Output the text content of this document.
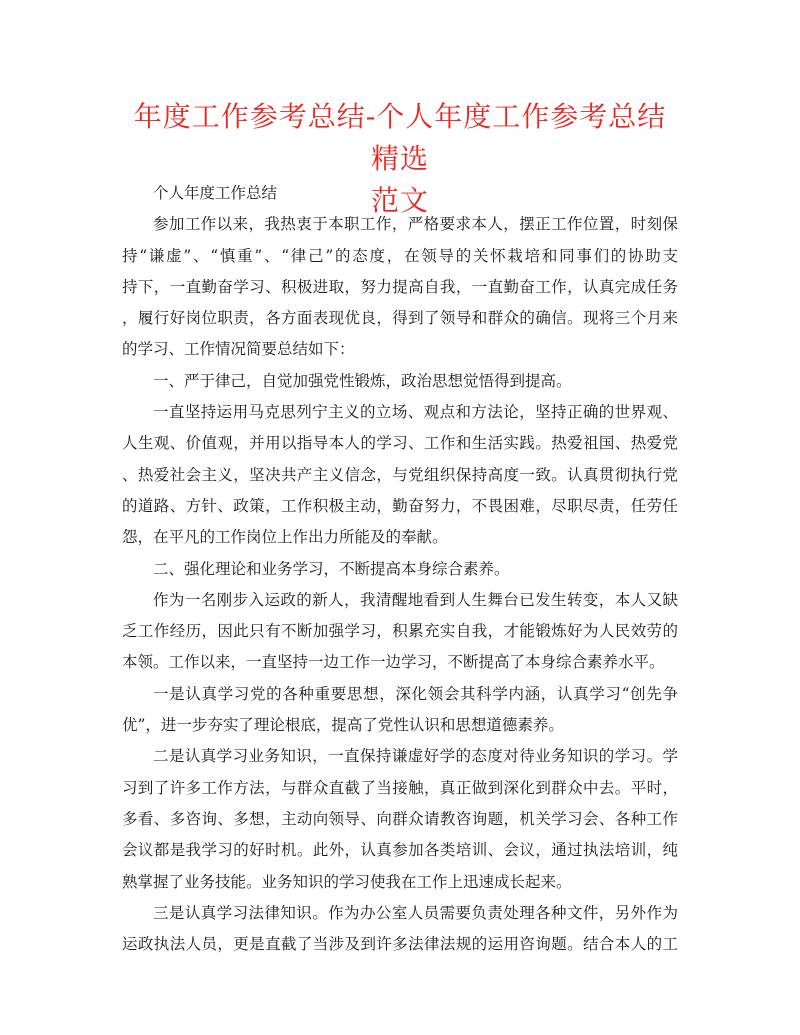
年度工作参考总结-个人年度工作参考总结精选
范文
个人年度工作总结
参加工作以来，我热衷于本职工作，严格要求本人，摆正工作位置，时刻保
持“谦虚”、“慎重”、“律己”的态度，在领导的关怀栽培和同事们的协助支
持下，一直勤奋学习、积极进取，努力提高自我，一直勤奋工作，认真完成任务
，履行好岗位职责，各方面表现优良，得到了领导和群众的确信。现将三个月来
的学习、工作情况简要总结如下：
一、严于律己，自觉加强党性锻炼，政治思想觉悟得到提高。
一直坚持运用马克思列宁主义的立场、观点和方法论，坚持正确的世界观、
人生观、价值观，并用以指导本人的学习、工作和生活实践。热爱祖国、热爱党
、热爱社会主义，坚决共产主义信念，与党组织保持高度一致。认真贯彻执行党
的道路、方针、政策，工作积极主动，勤奋努力，不畏困难，尽职尽责，任劳任
怨，在平凡的工作岗位上作出力所能及的奉献。
二、强化理论和业务学习，不断提高本身综合素养。
作为一名刚步入运政的新人，我清醒地看到人生舞台已发生转变，本人又缺
乏工作经历，因此只有不断加强学习，积累充实自我，才能锻炼好为人民效劳的
本领。工作以来，一直坚持一边工作一边学习，不断提高了本身综合素养水平。
一是认真学习党的各种重要思想，深化领会其科学内涵，认真学习“创先争
优”，进一步夯实了理论根底，提高了党性认识和思想道德素养。
二是认真学习业务知识，一直保持谦虚好学的态度对待业务知识的学习。学
习到了许多工作方法，与群众直截了当接触，真正做到深化到群众中去。平时，
多看、多咨询、多想，主动向领导、向群众请教咨询题，机关学习会、各种工作
会议都是我学习的好时机。此外，认真参加各类培训、会议，通过执法培训，纯
熟掌握了业务技能。业务知识的学习使我在工作上迅速成长起来。
三是认真学习法律知识。作为办公室人员需要负责处理各种文件，另外作为
运政执法人员，更是直截了当涉及到许多法律法规的运用咨询题。结合本人的工
